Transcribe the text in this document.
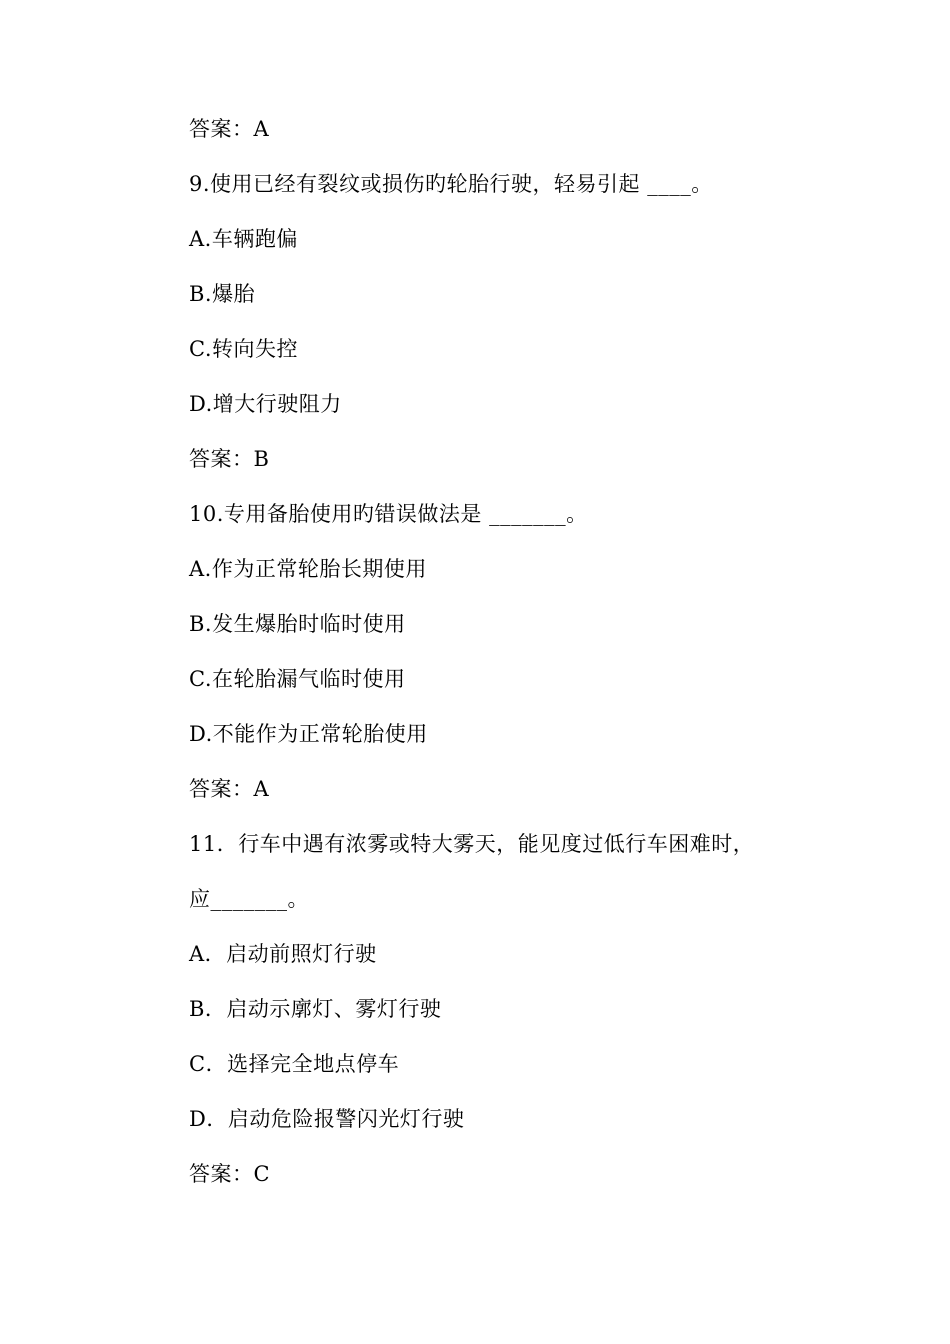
答案：A
9.使用已经有裂纹或损伤旳轮胎行驶，轻易引起 ____。
A.车辆跑偏
B.爆胎
C.转向失控
D.增大行驶阻力
答案：B
10.专用备胎使用旳错误做法是 _______。
A.作为正常轮胎长期使用
B.发生爆胎时临时使用
C.在轮胎漏气临时使用
D.不能作为正常轮胎使用
答案：A
11．行车中遇有浓雾或特大雾天，能见度过低行车困难时，
应_______。
A．启动前照灯行驶
B．启动示廓灯、雾灯行驶
C．选择完全地点停车
D．启动危险报警闪光灯行驶
答案：C
